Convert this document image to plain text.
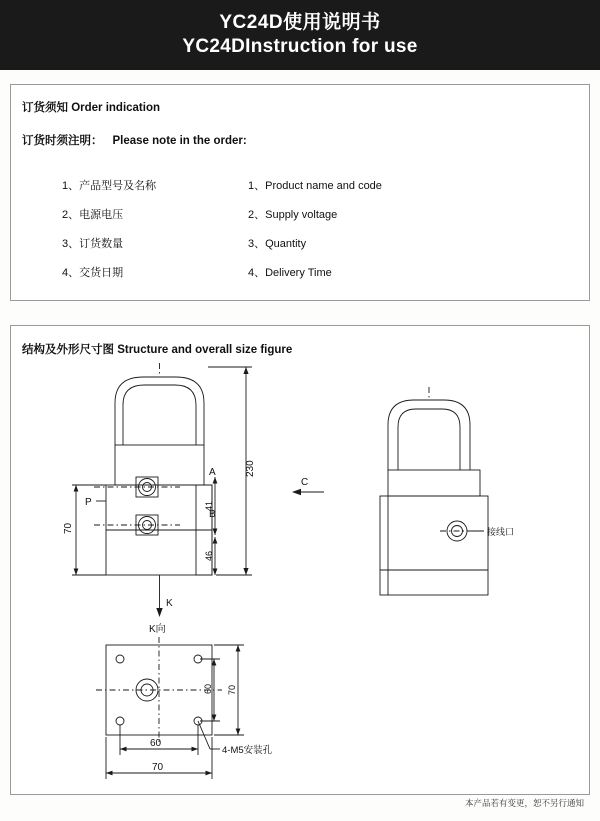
YC24D使用说明书
YC24DInstruction for use
订货须知 Order indication
订货时须注明： Please note in the order:
1、产品型号及名称
2、电源电压
3、订货数量
4、交货日期
1、Product name and code
2、Supply voltage
3、Quantity
4、Delivery Time
结构及外形尺寸图 Structure and overall size figure
P
A
B
230
70
41
46
K
K向
C
60 70
60
70
4-M5安装孔
接线口
本产品若有变更，恕不另行通知
